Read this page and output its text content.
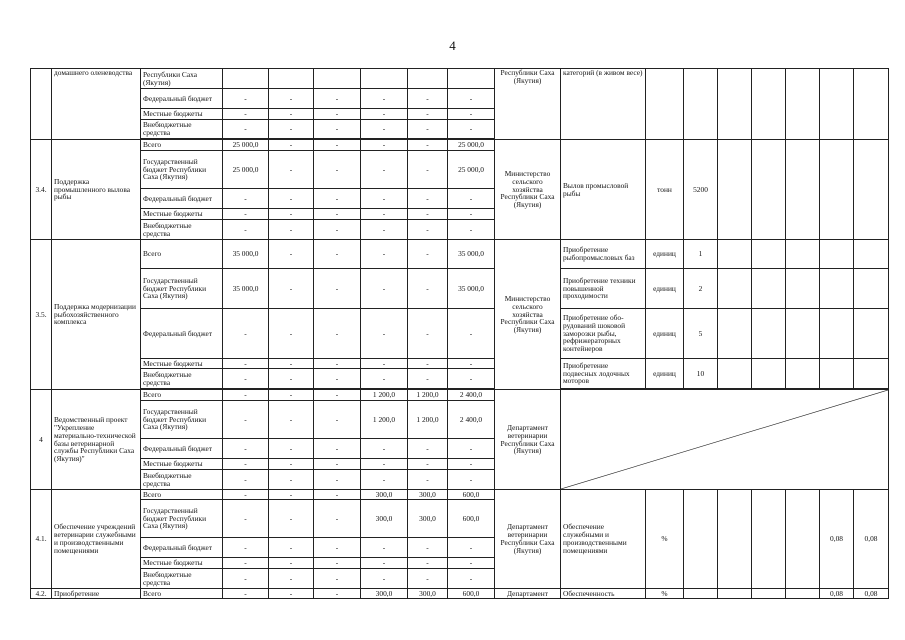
4
	домашнего оленеводства	Республики Саха (Якутия)							Республики Саха (Якутия)	категорий (в живом весе)							
		Федеральный бюджет	-	-	-	-	-	-									
		Местные бюджеты	-	-	-	-	-	-									
		Внебюджетные средства	-	-	-	-	-	-									

3.4.	Поддержка промышленного вылова рыбы	Всего	25 000,0	-	-	-	-	25 000,0	Министерство сельского хозяйства Республики Саха (Якутия)	Вылов промысловой рыбы	тонн	5200					
		Государственный бюджет Республики Саха (Якутия)	25 000,0	-	-	-	-	25 000,0									
		Федеральный бюджет	-	-	-	-	-	-									
		Местные бюджеты	-	-	-	-	-	-									
		Внебюджетные средства	-	-	-	-	-	-									
3.5.	Поддержка модернизации рыбохозяйственного комплекса	Всего	35 000,0	-	-	-	-	35 000,0	Министерство сельского хозяйства Республики Саха (Якутия)	Приобретение рыбопромысловых баз	единиц	1					
		Государственный бюджет Республики Саха (Якутия)	35 000,0	-	-	-	-	35 000,0		Приобретение техники повышенной проходимости	единиц	2					
		Федеральный бюджет	-	-	-	-	-	-		Приобретение обо-рудований шоковой заморозки рыбы, рефрижераторных контейнеров	единиц	5					
		Местные бюджеты	-	-	-	-	-	-		Приобретение подвесных лодочных моторов	единиц	10					
		Внебюджетные средства	-	-	-	-	-	-									

4	Ведомственный проект "Укрепление материально-технической базы ветеринарной службы Республики Саха (Якутия)"	Всего	-	-	-	1 200,0	1 200,0	2 400,0	Департамент ветеринарии Республики Саха (Якутия)	

		Государственный бюджет Республики Саха (Якутия)	-	-	-	1 200,0	1 200,0	2 400,0									
		Федеральный бюджет	-	-	-	-	-	-									
		Местные бюджеты	-	-	-	-	-	-									
		Внебюджетные средства	-	-	-	-	-	-									
4.1.	Обеспечение учреждений ветеринарии служебными и производственными помещениями	Всего	-	-	-	300,0	300,0	600,0	Департамент ветеринарии Республики Саха (Якутия)	Обеспечение служебными и производственными помещениями	%					0,08	0,08
		Государственный бюджет Республики Саха (Якутия)	-	-	-	300,0	300,0	600,0									
		Федеральный бюджет	-	-	-	-	-	-									
		Местные бюджеты	-	-	-	-	-	-									
		Внебюджетные средства	-	-	-	-	-	-									
4.2.	Приобретение	Всего	-	-	-	300,0	300,0	600,0	Департамент	Обеспеченность	%					0,08	0,08
